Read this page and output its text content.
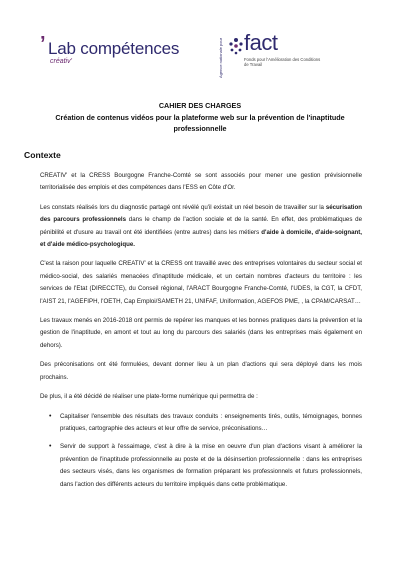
’ Lab compétences
créativ'	Agence nationale pour fact
Fonds pour l'Amélioration des Conditions de Travail
CAHIER DES CHARGES
Création de contenus vidéos pour la plateforme web sur la prévention de l'inaptitude professionnelle
Contexte

CREATIV' et la CRESS Bourgogne Franche-Comté se sont associés pour mener une gestion prévisionnelle territorialisée des emplois et des compétences dans l'ESS en Côte d'Or.

Les constats réalisés lors du diagnostic partagé ont révélé qu'il existait un réel besoin de travailler sur la sécurisation des parcours professionnels dans le champ de l'action sociale et de la santé. En effet, des problématiques de pénibilité et d'usure au travail ont été identifiées (entre autres) dans les métiers d'aide à domicile, d'aide-soignant, et d'aide médico-psychologique.

C'est la raison pour laquelle CREATIV' et la CRESS ont travaillé avec des entreprises volontaires du secteur social et médico-social, des salariés menacées d'inaptitude médicale, et un certain nombres d'acteurs du territoire : les services de l'Etat (DIRECCTE), du Conseil régional, l'ARACT Bourgogne Franche-Comté, l'UDES, la CGT, la CFDT, l'AIST 21, l'AGEFIPH, l'OETH, Cap Emploi/SAMETH 21, UNIFAF, Uniformation, AGEFOS PME, , la CPAM/CARSAT…

Les travaux menés en 2016-2018 ont permis de repérer les manques et les bonnes pratiques dans la prévention et la gestion de l'inaptitude, en amont et tout au long du parcours des salariés (dans les entreprises mais également en dehors).

Des préconisations ont été formulées, devant donner lieu à un plan d'actions qui sera déployé dans les mois prochains.

De plus, il a été décidé de réaliser une plate-forme numérique qui permettra de :

• Capitaliser l'ensemble des résultats des travaux conduits : enseignements tirés, outils, témoignages, bonnes pratiques, cartographie des acteurs et leur offre de service, préconisations…
• Servir de support à l'essaimage, c'est à dire à la mise en oeuvre d'un plan d'actions visant à améliorer la prévention de l'inaptitude professionnelle au poste et de la désinsertion professionnelle : dans les entreprises des secteurs visés, dans les organismes de formation préparant les professionnels et futurs professionnels, dans l'action des différents acteurs du territoire impliqués dans cette problématique.
